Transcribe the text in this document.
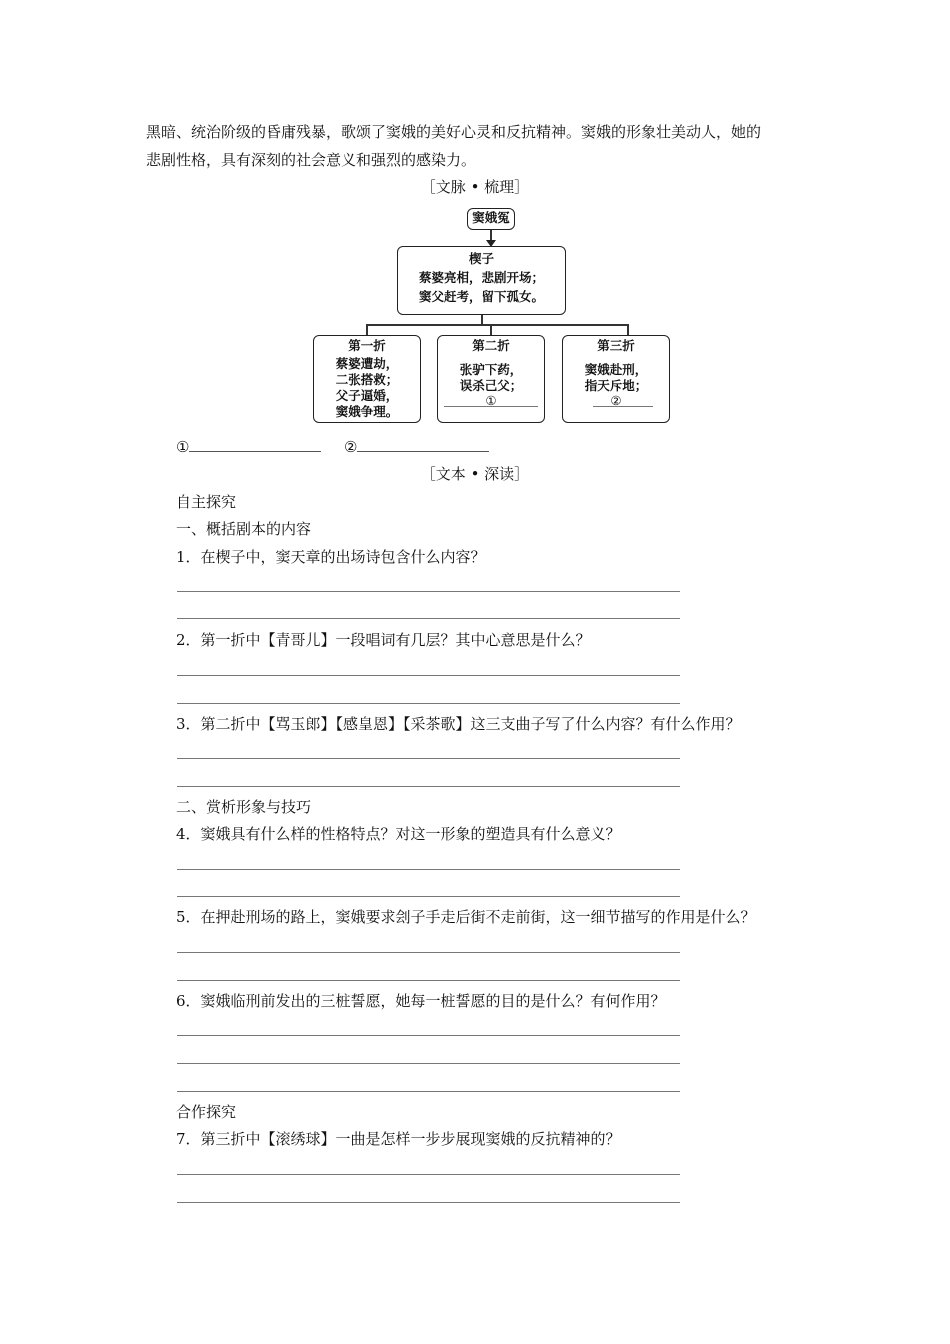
黑暗、统治阶级的昏庸残暴，歌颂了窦娥的美好心灵和反抗精神。窦娥的形象壮美动人，她的
悲剧性格，具有深刻的社会意义和强烈的感染力。
［文脉 • 梳理］
窦娥冤
楔子
蔡婆亮相，悲剧开场；
窦父赶考，留下孤女。
第一折
蔡婆遭劫，
二张搭救；
父子逼婚，
窦娥争理。
第二折
张驴下药，
误杀己父；
①
第三折
窦娥赴刑，
指天斥地；
②
①	②
［文本 • 深读］
自主探究
一、概括剧本的内容
1．在楔子中，窦天章的出场诗包含什么内容？
2．第一折中【青哥儿】一段唱词有几层？其中心意思是什么？
3．第二折中【骂玉郎】【感皇恩】【采茶歌】这三支曲子写了什么内容？有什么作用？
二、赏析形象与技巧
4．窦娥具有什么样的性格特点？对这一形象的塑造具有什么意义？
5．在押赴刑场的路上，窦娥要求刽子手走后街不走前街，这一细节描写的作用是什么？
6．窦娥临刑前发出的三桩誓愿，她每一桩誓愿的目的是什么？有何作用？
合作探究
7．第三折中【滚绣球】一曲是怎样一步步展现窦娥的反抗精神的？
